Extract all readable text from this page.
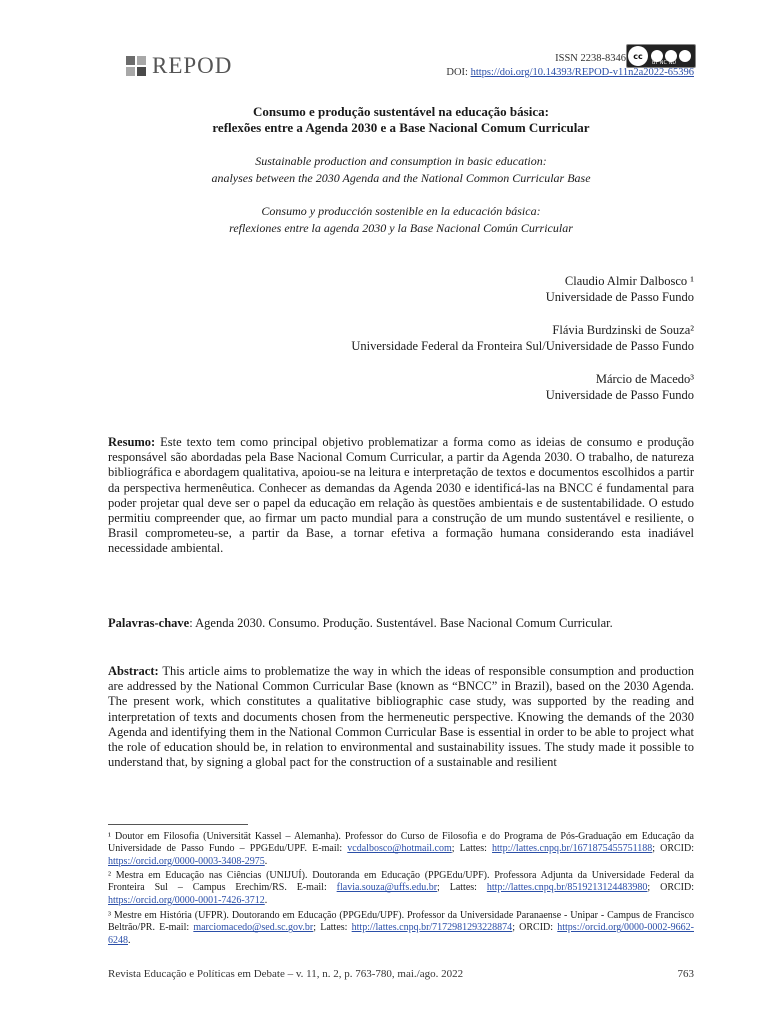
REPOD	ISSN 2238-8346 cc
BY NC ND
DOI: https://doi.org/10.14393/REPOD-v11n2a2022-65396
Consumo e produção sustentável na educação básica:
reflexões entre a Agenda 2030 e a Base Nacional Comum Curricular
Sustainable production and consumption in basic education:
analyses between the 2030 Agenda and the National Common Curricular Base
Consumo y producción sostenible en la educación básica:
reflexiones entre la agenda 2030 y la Base Nacional Común Curricular
Claudio Almir Dalbosco ¹
Universidade de Passo Fundo
Flávia Burdzinski de Souza²
Universidade Federal da Fronteira Sul/Universidade de Passo Fundo
Márcio de Macedo³
Universidade de Passo Fundo
Resumo: Este texto tem como principal objetivo problematizar a forma como as ideias de consumo e produção responsável são abordadas pela Base Nacional Comum Curricular, a partir da Agenda 2030. O trabalho, de natureza bibliográfica e abordagem qualitativa, apoiou-se na leitura e interpretação de textos e documentos escolhidos a partir da perspectiva hermenêutica. Conhecer as demandas da Agenda 2030 e identificá-las na BNCC é fundamental para poder projetar qual deve ser o papel da educação em relação às questões ambientais e de sustentabilidade. O estudo permitiu compreender que, ao firmar um pacto mundial para a construção de um mundo sustentável e resiliente, o Brasil comprometeu-se, a partir da Base, a tornar efetiva a formação humana considerando esta inadiável necessidade ambiental.
Palavras-chave: Agenda 2030. Consumo. Produção. Sustentável. Base Nacional Comum Curricular.
Abstract: This article aims to problematize the way in which the ideas of responsible consumption and production are addressed by the National Common Curricular Base (known as “BNCC” in Brazil), based on the 2030 Agenda. The present work, which constitutes a qualitative bibliographic case study, was supported by the reading and interpretation of texts and documents chosen from the hermeneutic perspective. Knowing the demands of the 2030 Agenda and identifying them in the National Common Curricular Base is essential in order to be able to project what the role of education should be, in relation to environmental and sustainability issues. The study made it possible to understand that, by signing a global pact for the construction of a sustainable and resilient
¹ Doutor em Filosofia (Universität Kassel – Alemanha). Professor do Curso de Filosofia e do Programa de Pós-Graduação em Educação da Universidade de Passo Fundo – PPGEdu/UPF. E-mail: vcdalbosco@hotmail.com; Lattes: http://lattes.cnpq.br/1671875455751188; ORCID: https://orcid.org/0000-0003-3408-2975.
² Mestra em Educação nas Ciências (UNIJUÍ). Doutoranda em Educação (PPGEdu/UPF). Professora Adjunta da Universidade Federal da Fronteira Sul – Campus Erechim/RS. E-mail: flavia.souza@uffs.edu.br; Lattes: http://lattes.cnpq.br/8519213124483980; ORCID: https://orcid.org/0000-0001-7426-3712.
³ Mestre em História (UFPR). Doutorando em Educação (PPGEdu/UPF). Professor da Universidade Paranaense - Unipar - Campus de Francisco Beltrão/PR. E-mail: marciomacedo@sed.sc.gov.br; Lattes: http://lattes.cnpq.br/7172981293228874; ORCID: https://orcid.org/0000-0002-9662-6248.
Revista Educação e Políticas em Debate – v. 11, n. 2, p. 763-780, mai./ago. 2022	763
